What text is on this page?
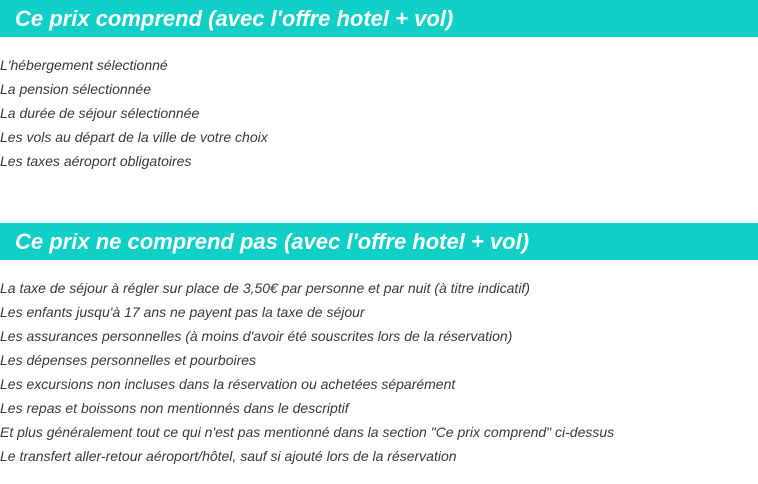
Ce prix comprend (avec l'offre hotel + vol)
L'hébergement sélectionné
La pension sélectionnée
La durée de séjour sélectionnée
Les vols au départ de la ville de votre choix
Les taxes aéroport obligatoires
Ce prix ne comprend pas (avec l'offre hotel + vol)
La taxe de séjour à régler sur place de 3,50€ par personne et par nuit (à titre indicatif)
Les enfants jusqu'à 17 ans ne payent pas la taxe de séjour
Les assurances personnelles (à moins d'avoir été souscrites lors de la réservation)
Les dépenses personnelles et pourboires
Les excursions non incluses dans la réservation ou achetées séparément
Les repas et boissons non mentionnés dans le descriptif
Et plus généralement tout ce qui n'est pas mentionné dans la section "Ce prix comprend" ci-dessus
Le transfert aller-retour aéroport/hôtel, sauf si ajouté lors de la réservation
